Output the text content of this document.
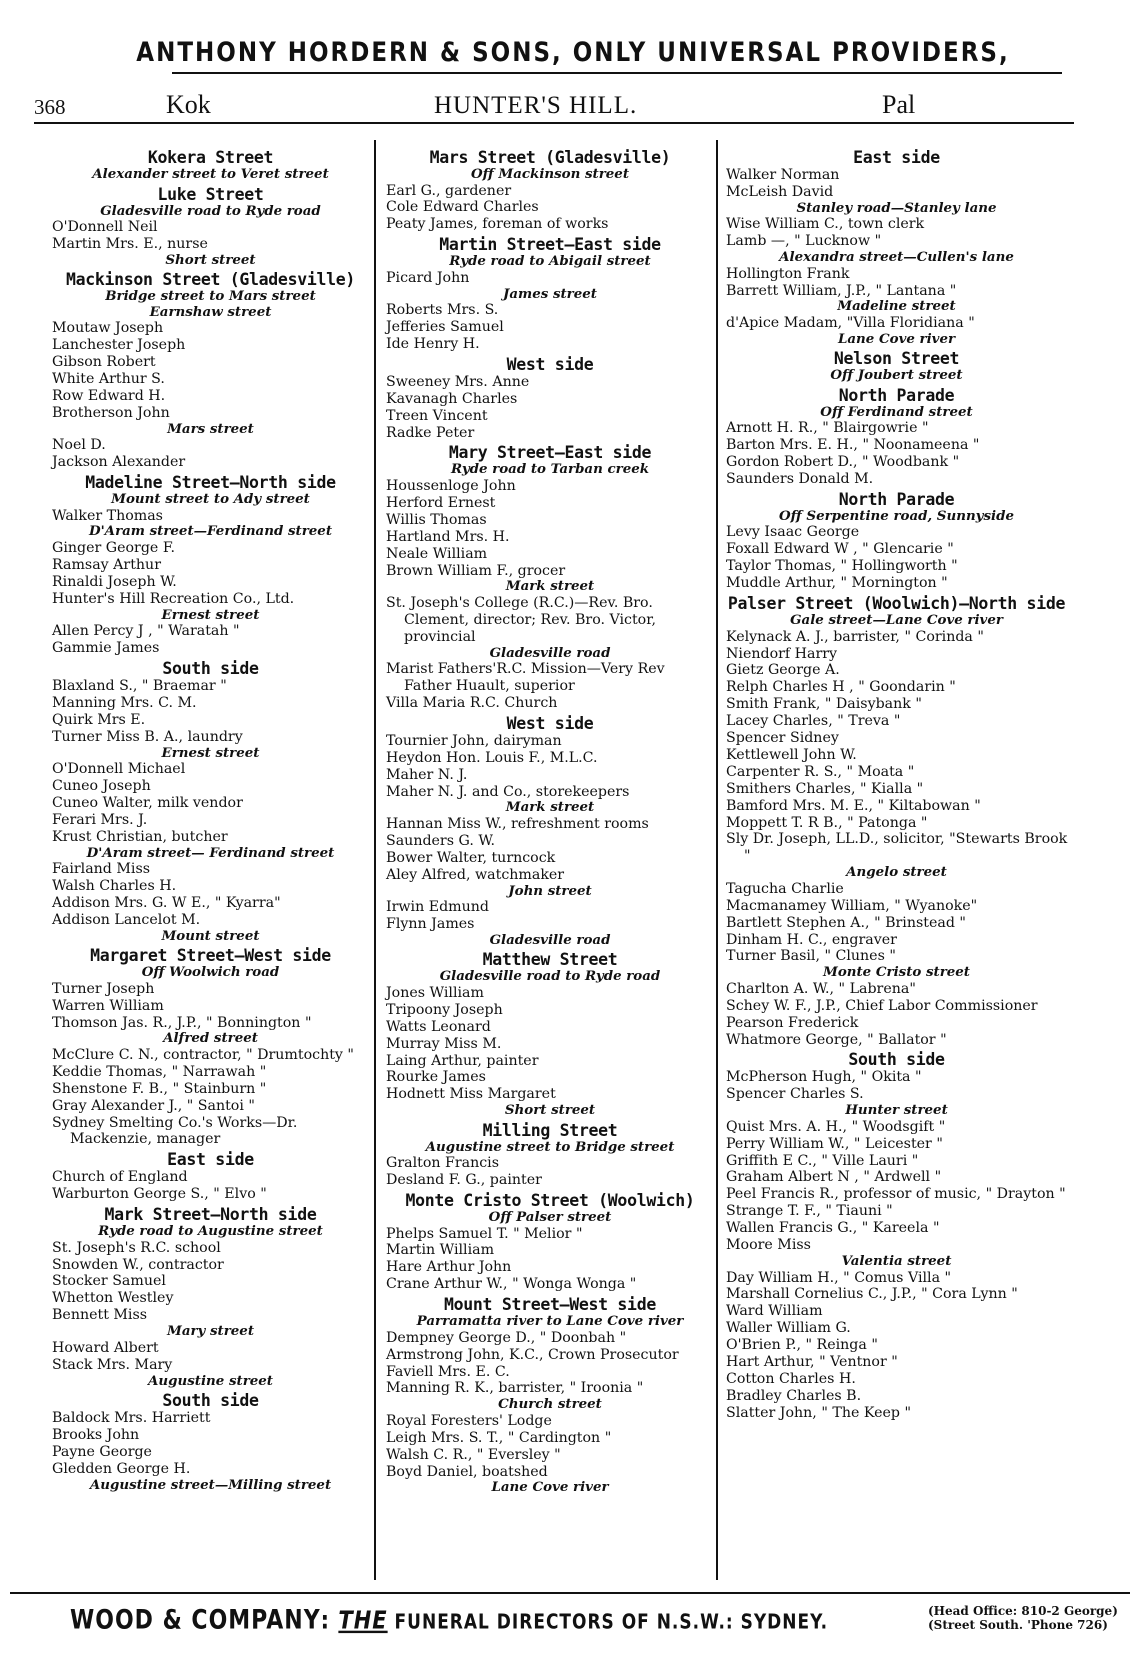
ANTHONY HORDERN & SONS, ONLY UNIVERSAL PROVIDERS,
368	Kok	HUNTER'S HILL.	Pal
Kokera Street
Alexander street to Veret street
Luke Street
Gladesville road to Ryde road
O'Donnell Neil
Martin Mrs. E., nurse
Short street
Mackinson Street (Gladesville)
Bridge street to Mars street
Earnshaw street
Moutaw Joseph
Lanchester Joseph
Gibson Robert
White Arthur S.
Row Edward H.
Brotherson John
Mars street
Noel D.
Jackson Alexander
Madeline Street—North side
Mount street to Ady street
Walker Thomas
D'Aram street—Ferdinand street
Ginger George F.
Ramsay Arthur
Rinaldi Joseph W.
Hunter's Hill Recreation Co., Ltd.
Ernest street
Allen Percy J , " Waratah "
Gammie James
South side
Blaxland S., " Braemar "
Manning Mrs. C. M.
Quirk Mrs E.
Turner Miss B. A., laundry
Ernest street
O'Donnell Michael
Cuneo Joseph
Cuneo Walter, milk vendor
Ferari Mrs. J.
Krust Christian, butcher
D'Aram street— Ferdinand street
Fairland Miss
Walsh Charles H.
Addison Mrs. G. W E., " Kyarra"
Addison Lancelot M.
Mount street
Margaret Street—West side
Off Woolwich road
Turner Joseph
Warren William
Thomson Jas. R., J.P., " Bonnington "
Alfred street
McClure C. N., contractor, " Drumtochty "
Keddie Thomas, " Narrawah "
Shenstone F. B., " Stainburn "
Gray Alexander J., " Santoi "
Sydney Smelting Co.'s Works—Dr. Mackenzie, manager
East side
Church of England
Warburton George S., " Elvo "
Mark Street—North side
Ryde road to Augustine street
St. Joseph's R.C. school
Snowden W., contractor
Stocker Samuel
Whetton Westley
Bennett Miss
Mary street
Howard Albert
Stack Mrs. Mary
Augustine street
South side
Baldock Mrs. Harriett
Brooks John
Payne George
Gledden George H.
Augustine street—Milling street
Mars Street (Gladesville)
Off Mackinson street
Earl G., gardener
Cole Edward Charles
Peaty James, foreman of works
Martin Street—East side
Ryde road to Abigail street
Picard John
James street
Roberts Mrs. S.
Jefferies Samuel
Ide Henry H.
West side
Sweeney Mrs. Anne
Kavanagh Charles
Treen Vincent
Radke Peter
Mary Street—East side
Ryde road to Tarban creek
Houssenloge John
Herford Ernest
Willis Thomas
Hartland Mrs. H.
Neale William
Brown William F., grocer
Mark street
St. Joseph's College (R.C.)—Rev. Bro. Clement, director; Rev. Bro. Victor, provincial
Gladesville road
Marist Fathers'R.C. Mission—Very Rev Father Huault, superior
Villa Maria R.C. Church
West side
Tournier John, dairyman
Heydon Hon. Louis F., M.L.C.
Maher N. J.
Maher N. J. and Co., storekeepers
Mark street
Hannan Miss W., refreshment rooms
Saunders G. W.
Bower Walter, turncock
Aley Alfred, watchmaker
John street
Irwin Edmund
Flynn James
Gladesville road
Matthew Street
Gladesville road to Ryde road
Jones William
Tripoony Joseph
Watts Leonard
Murray Miss M.
Laing Arthur, painter
Rourke James
Hodnett Miss Margaret
Short street
Milling Street
Augustine street to Bridge street
Gralton Francis
Desland F. G., painter
Monte Cristo Street (Woolwich)
Off Palser street
Phelps Samuel T. " Melior "
Martin William
Hare Arthur John
Crane Arthur W., " Wonga Wonga "
Mount Street—West side
Parramatta river to Lane Cove river
Dempney George D., " Doonbah "
Armstrong John, K.C., Crown Prosecutor
Faviell Mrs. E. C.
Manning R. K., barrister, " Iroonia "
Church street
Royal Foresters' Lodge
Leigh Mrs. S. T., " Cardington "
Walsh C. R., " Eversley "
Boyd Daniel, boatshed
Lane Cove river
East side
Walker Norman
McLeish David
Stanley road—Stanley lane
Wise William C., town clerk
Lamb —, " Lucknow "
Alexandra street—Cullen's lane
Hollington Frank
Barrett William, J.P., " Lantana "
Madeline street
d'Apice Madam, "Villa Floridiana "
Lane Cove river
Nelson Street
Off Joubert street
North Parade
Off Ferdinand street
Arnott H. R., " Blairgowrie "
Barton Mrs. E. H., " Noonameena "
Gordon Robert D., " Woodbank "
Saunders Donald M.
North Parade
Off Serpentine road, Sunnyside
Levy Isaac George
Foxall Edward W , " Glencarie "
Taylor Thomas, " Hollingworth "
Muddle Arthur, " Mornington "
Palser Street (Woolwich)—North side
Gale street—Lane Cove river
Kelynack A. J., barrister, " Corinda "
Niendorf Harry
Gietz George A.
Relph Charles H , " Goondarin "
Smith Frank, " Daisybank "
Lacey Charles, " Treva "
Spencer Sidney
Kettlewell John W.
Carpenter R. S., " Moata "
Smithers Charles, " Kialla "
Bamford Mrs. M. E., " Kiltabowan "
Moppett T. R B., " Patonga "
Sly Dr. Joseph, LL.D., solicitor, "Stewarts Brook "
Angelo street
Tagucha Charlie
Macmanamey William, " Wyanoke"
Bartlett Stephen A., " Brinstead "
Dinham H. C., engraver
Turner Basil, " Clunes "
Monte Cristo street
Charlton A. W., " Labrena"
Schey W. F., J.P., Chief Labor Commissioner
Pearson Frederick
Whatmore George, " Ballator "
South side
McPherson Hugh, " Okita "
Spencer Charles S.
Hunter street
Quist Mrs. A. H., " Woodsgift "
Perry William W., " Leicester "
Griffith E C., " Ville Lauri "
Graham Albert N , " Ardwell "
Peel Francis R., professor of music, " Drayton "
Strange T. F., " Tiauni "
Wallen Francis G., " Kareela "
Moore Miss
Valentia street
Day William H., " Comus Villa "
Marshall Cornelius C., J.P., " Cora Lynn "
Ward William
Waller William G.
O'Brien P., " Reinga "
Hart Arthur, " Ventnor "
Cotton Charles H.
Bradley Charles B.
Slatter John, " The Keep "
WOOD & COMPANY: THE FUNERAL DIRECTORS OF N.S.W.: SYDNEY.	(Head Office: 810-2 George)
(Street South. 'Phone 726)
